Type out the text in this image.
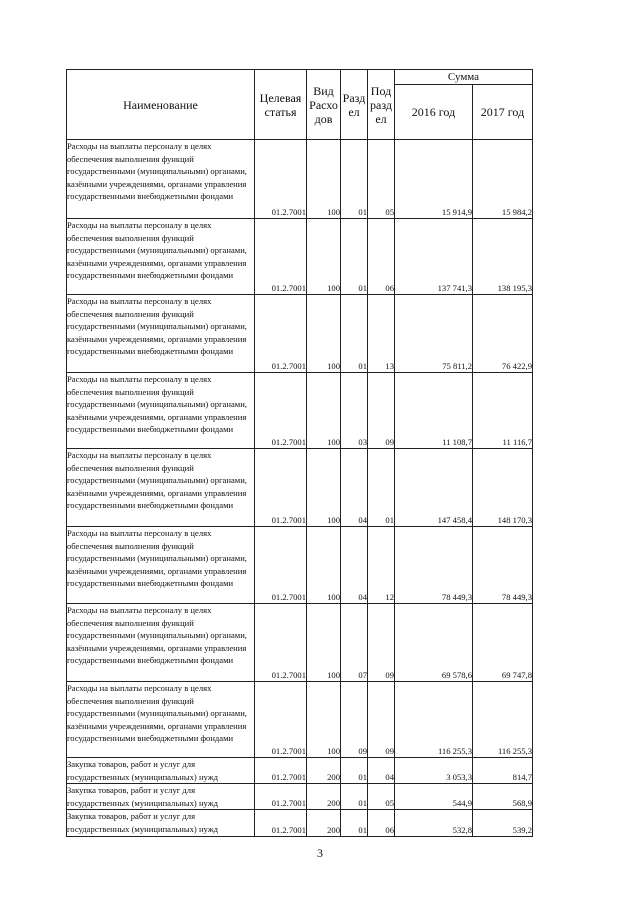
Наименование	Целевая статья	Вид Расхо дов	Разд ел	Под разд ел	Сумма	
					2016 год	2017 год
Расходы на выплаты персоналу в целях обеспечения выполнения функций государственными (муниципальными) органами, казёнными учреждениями, органами управления государственными внебюджетными фондами	01.2.7001	100	01	05	15 914,9	15 984,2
Расходы на выплаты персоналу в целях обеспечения выполнения функций государственными (муниципальными) органами, казёнными учреждениями, органами управления государственными внебюджетными фондами	01.2.7001	100	01	06	137 741,3	138 195,3
Расходы на выплаты персоналу в целях обеспечения выполнения функций государственными (муниципальными) органами, казёнными учреждениями, органами управления государственными внебюджетными фондами	01.2.7001	100	01	13	75 811,2	76 422,9
Расходы на выплаты персоналу в целях обеспечения выполнения функций государственными (муниципальными) органами, казёнными учреждениями, органами управления государственными внебюджетными фондами	01.2.7001	100	03	09	11 108,7	11 116,7
Расходы на выплаты персоналу в целях обеспечения выполнения функций государственными (муниципальными) органами, казёнными учреждениями, органами управления государственными внебюджетными фондами	01.2.7001	100	04	01	147 458,4	148 170,3
Расходы на выплаты персоналу в целях обеспечения выполнения функций государственными (муниципальными) органами, казёнными учреждениями, органами управления государственными внебюджетными фондами	01.2.7001	100	04	12	78 449,3	78 449,3
Расходы на выплаты персоналу в целях обеспечения выполнения функций государственными (муниципальными) органами, казёнными учреждениями, органами управления государственными внебюджетными фондами	01.2.7001	100	07	09	69 578,6	69 747,8
Расходы на выплаты персоналу в целях обеспечения выполнения функций государственными (муниципальными) органами, казёнными учреждениями, органами управления государственными внебюджетными фондами	01.2.7001	100	09	09	116 255,3	116 255,3
Закупка товаров, работ и услуг для государственных (муниципальных) нужд	01.2.7001	200	01	04	3 053,3	814,7
Закупка товаров, работ и услуг для государственных (муниципальных) нужд	01.2.7001	200	01	05	544,9	568,9
Закупка товаров, работ и услуг для государственных (муниципальных) нужд	01.2.7001	200	01	06	532,8	539,2
3
